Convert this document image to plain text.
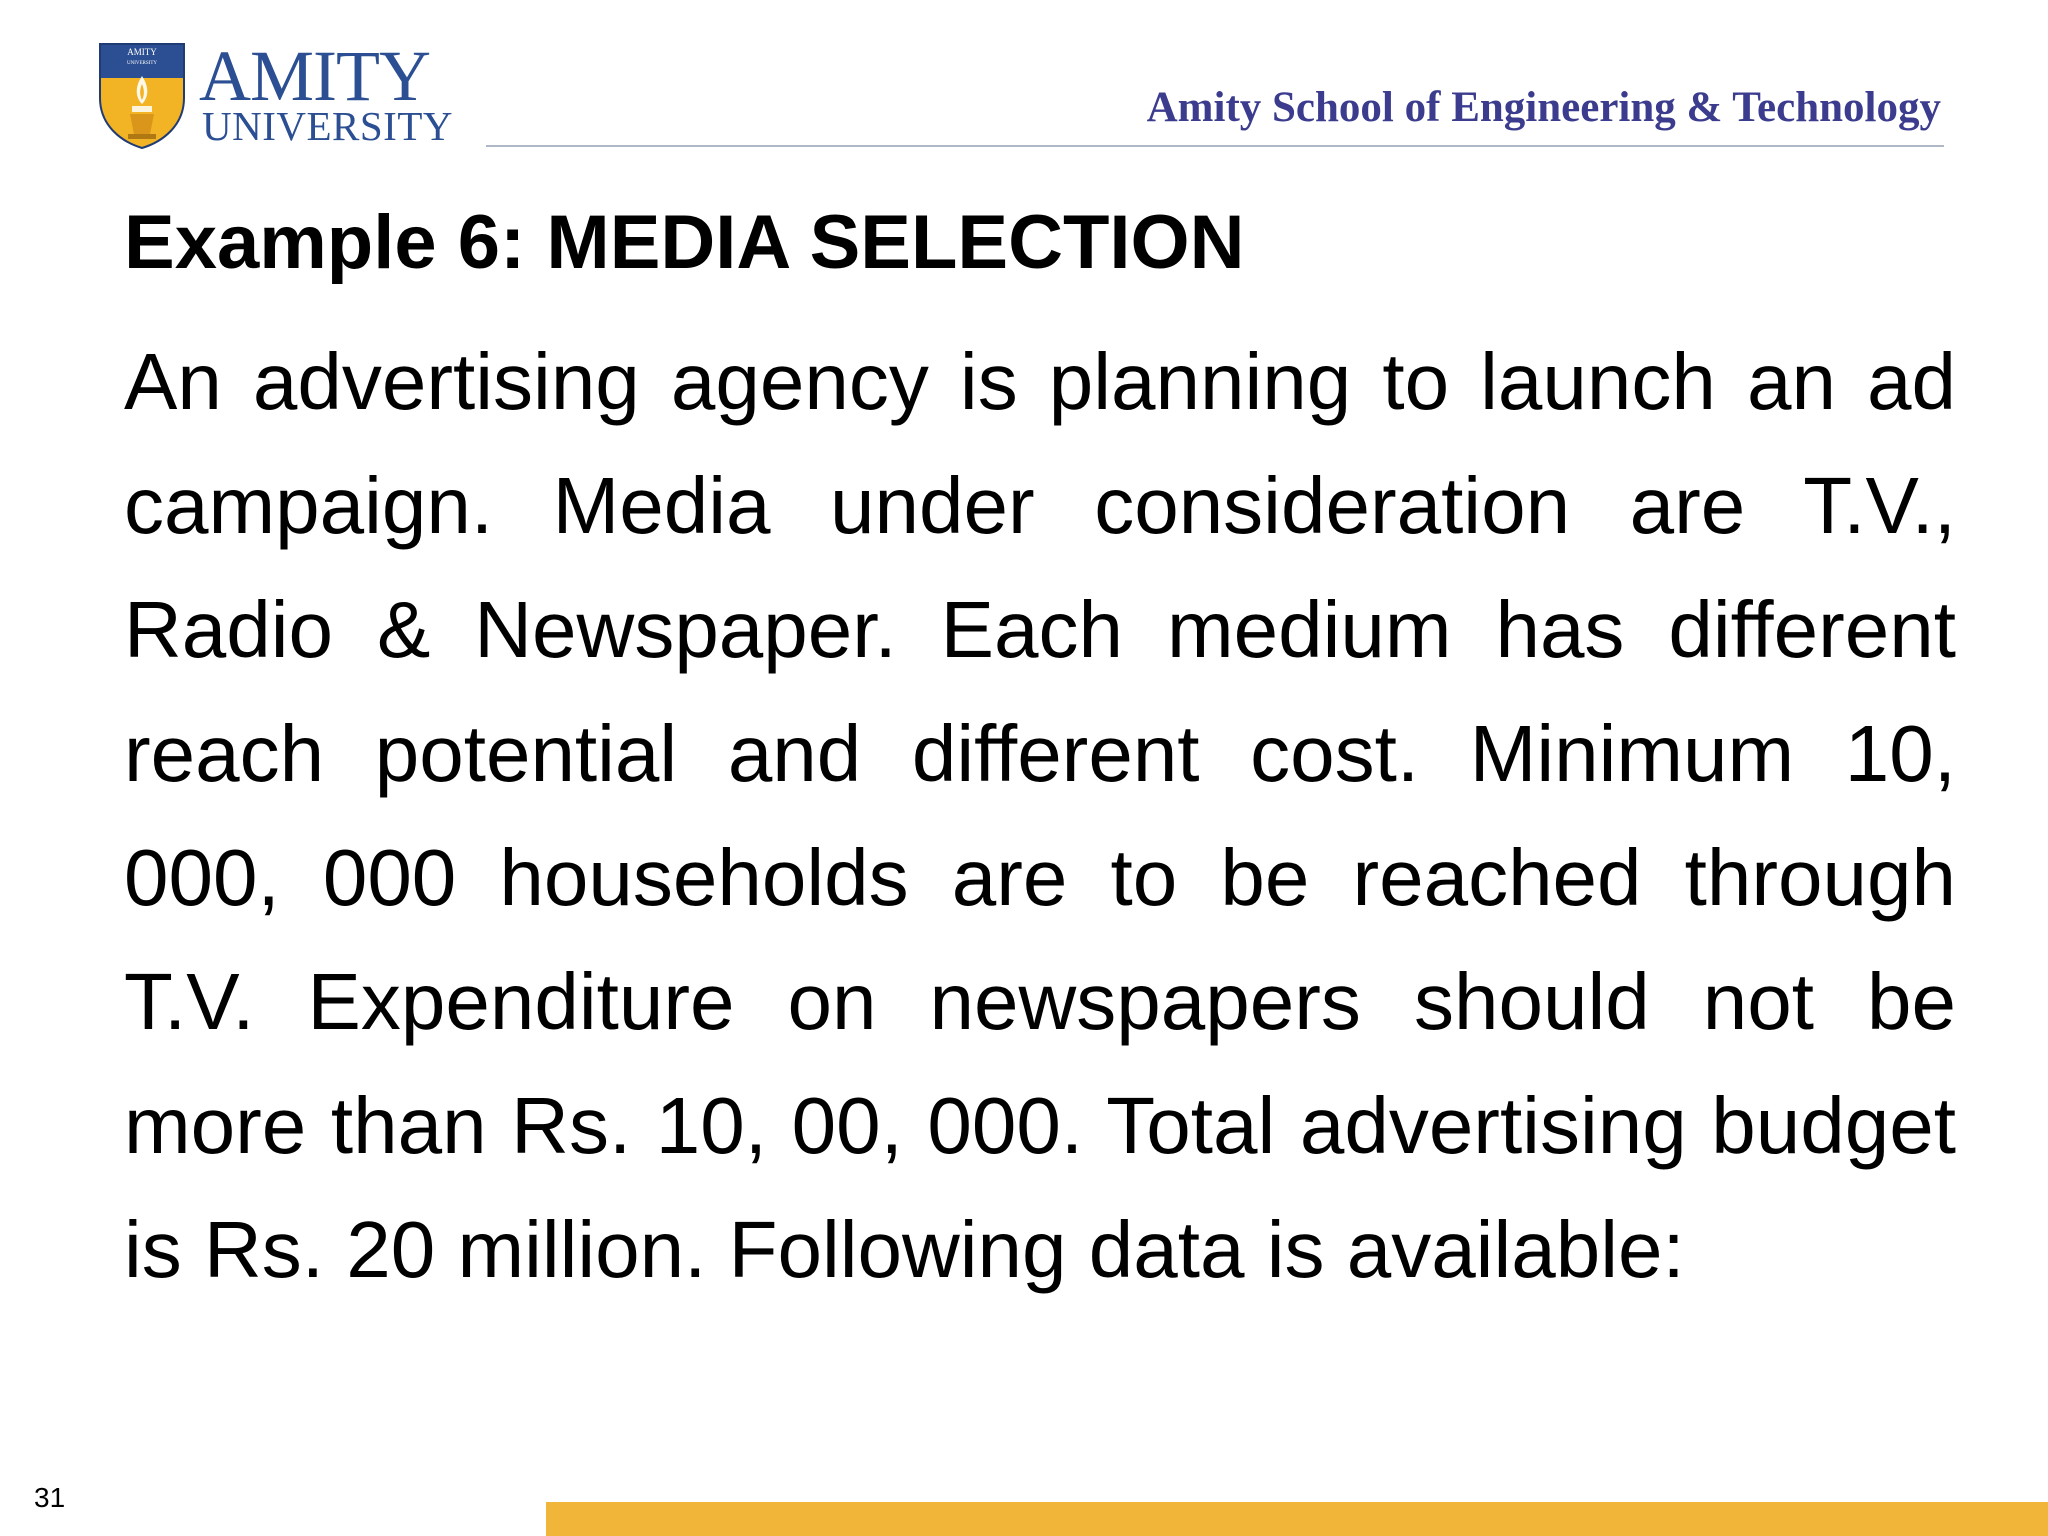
AMITY
UNIVERSITY AMITY
UNIVERSITY	Amity School of Engineering & Technology
Example 6: MEDIA SELECTION

An advertising agency is planning to launch an ad campaign. Media under consideration are T.V., Radio & Newspaper. Each medium has different reach potential and different cost. Minimum 10, 000, 000 households are to be reached through T.V. Expenditure on newspapers should not be more than Rs. 10, 00, 000. Total advertising budget is Rs. 20 million. Following data is available:

31
